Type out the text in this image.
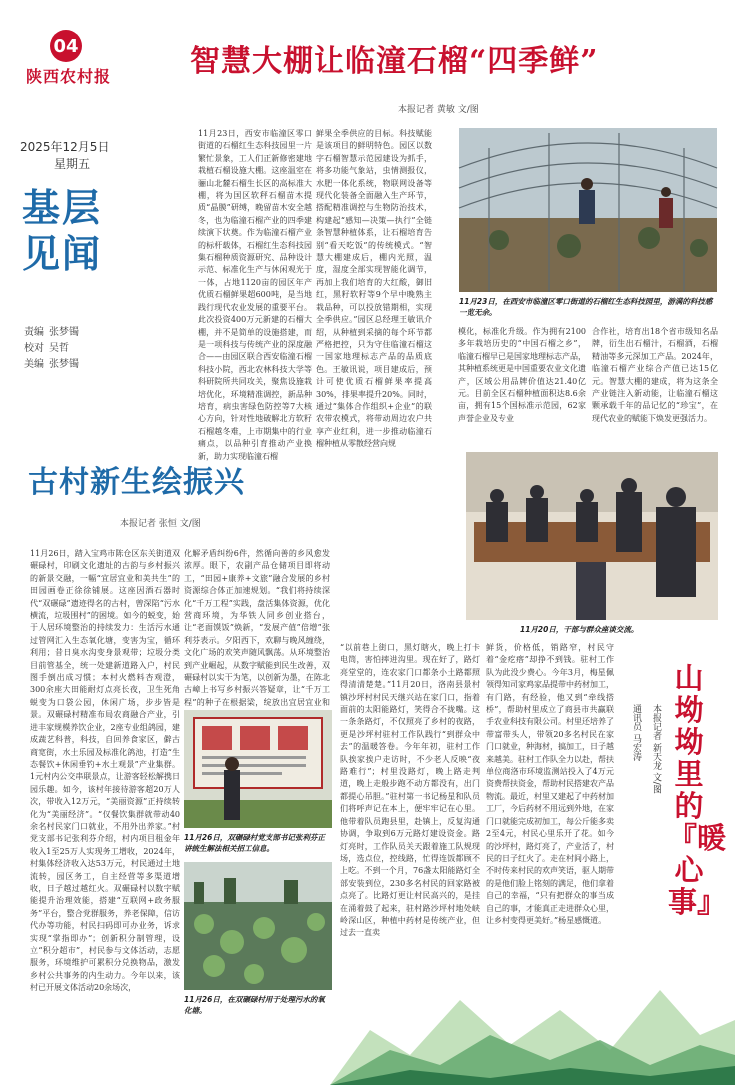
04
陕西农村报
2025年12月5日
星期五
基层
见闻
责编 张梦镯
校对 吴哲
美编 张梦镯
智慧大棚让临潼石榴“四季鲜”
本报记者 黄敏 文/图
11月23日，西安市临潼区零口街道的石榴红生态科技园里一片繁忙景象，工人们正新修密建地栽植石榴设施大棚。这座温室在骊山北麓石榴生长区的高标准大棚，将为国区软秤石榴苗木提质“晶膜”研缚，晚留苗木安全越冬，也为临潼石榴产业的四季建续演下状奠。作为临潼石榴产业的标杆载体，石榴红生态科技园集石榴种质资源研究、品种设计示范、标准化生产与休闲观光于一体，占地1120亩的园区年产优质石榴鲜果超600吨，是当地践行现代农业发展的重要平台。此次投资400万元新建的石榴大棚，并不是简单的设施搭建，而是一项科技与传统产业的深度融合——由园区联合西安临潼石榴科技小院，西北农林科技大学等科研院所共同攻关，聚焦设施栽培优化，环境精准调控，新品种培育，病虫害绿色防控等7大核心方向，针对性地破解北方软籽石榴越冬难，上市期集中的行业痛点，以品种引育推动产业换新，助力实现临潼石榴
鲜果全季供应的目标。科技赋能是该项目的鲜明特色。园区以数字石榴智慧示范园建设为抓手，将多功能气象站，虫情测报仪，水肥一体化系统，物联网设备等现代化装备全面融入生产环节，搭配精准调控与生物防治技术，构建起“感知—决策—执行”全链条智慧种植体系，让石榴培育告别“看天吃饭”的传统模式。“智慧大棚建成后，棚内光照，温度，湿度全部实现智能化调节，再加上我们培育的大红酸，御旧红，黑籽软籽等9个早中晚熟主栽品种，可以投放错期相，实现全季供应。”园区总经理王敏讯介绍，从种植到采摘的每个环节都严格把控，只为守住临潼石榴这一国家地理标志产品的品质底色。王敏讯说，项目建成后，预计可使优质石榴鲜果率提高30%，排果率提升20%。同时，通过“集体合作组织+企业”的联农带农模式，将带动周边农户共享产业红利，进一步推动临潼石榴种植从零散经营向规
11月23日，在西安市临潼区零口街道的石榴红生态科技园里，游满的科技感一览无余。
模化，标准化升级。作为拥有2100多年栽培历史的“中国石榴之乡”，临潼石榴早已是国家地理标志产品，其种植系统更是中国重要农业文化遗产，区域公用品牌价值达21.40亿元。目前全区石榴种植面积达8.6余亩，拥有15个国标准示范园，62家声誉企业及专业
合作社，培育出18个省市级知名品牌，衍生出石榴汁，石榴酒，石榴精油等多元深加工产品。2024年，临潼石榴产业综合产值已达15亿元。智慧大棚的建成，将为这条全产业链注入新动能，让临潼石榴这颗承载千年的品记忆的“珍宝”，在现代农业的赋能下焕发更强活力。
古村新生绘振兴
本报记者 张恒 文/图
11月20日，干部与群众座谈交流。
11月26日，踏入宝鸡市陈仓区东关街道双碾碌村，印刷文化遗址的古韵与乡村振兴的新景交融，一幅“宜居宜业和美共生”的田园画卷正徐徐铺展。这座因酒石器时代“双碾碌”遗迹得名的古村，曾深陷“污水横流，垃圾围村”的困境。如今的蜕变，始于人居环境整治的持续发力：生活污水通过管网汇入生态氧化塘，变害为宝，循环利用；昔日臭水沟变身景观带；垃圾分类目前管基全，统一处建新道路入户，村民图手倒出成习惯；本村火燃料杏观澄，300余座大田能耐灯点亮长夜，卫生死角蜕变为口袋公园，休闲广场，步步皆是景。双碾碌村精准布局农商融合产业，引进丰家规模养饮企业，2座专业组鸽园，建成蔬艺科普，科技，自回养食家区，僻古商宽街，水土乐园及标准化鸽池，打造“生态餐饮+休闲垂钓+水土观景”产业集群。1元村内公交串联景点，让游客轻松解携日园乐趣。如今，该村年接待游客超20万人次，带收入12万元，“美丽资源”正持续转化为“美丽经济”。“仅餐饮集群就带动40余名村民家门口就业，不用外出养家。”村党支部书记张利芬介绍，村内项目租金年收入1至25万人实现务工增收，2024年，村集体经济收入达53万元，村民通过土地流转，园区务工，自主经营等多渠道增收，日子越过越红火。双碾碌村以数字赋能提升治理效能，搭建“互联网+政务服务”平台，整合党群服务，养老保障，信访代办等功能，村民扫码即可办业务，诉求实现“掌指即办”；创新积分制管理，设立“积分超市”，村民参与文体活动，志愿服务，环境维护可累积分兑换物品，激发乡村公共事务的内生动力。今年以来，该村已开展文体活动20余场次，
化解矛盾纠纷6件，然循向善的乡风愈发浓厚。眼下，农副产品仓储项目即将动工，“田园+康养+文旅”融合发展的乡村资源综合体正加速规划。“我们将持续深化“千万工程”实践，盘活集体资源，优化营商环境，为华铁人同乡创业搭台，让“老面馍饭”焕新，“发展产值”倍增”张利芬表示。夕阳西下，欢聊与晚风缠绕，文化广场的欢笑声随风飘荡。从环境整治到产业崛起，从数字赋能到民生改善，双碾碌村以实干为笔，以创新为墨，在陈北古嶂上书写乡村振兴答疑章，让“千万工程”的种子在根据梁，绽放出宜居宜业和
11月26日，双碾碌村党支部书记张利芬正讲统生解法相关招工信息。
11月26日，在双碾碌村用于处理污水的氧化塘。
“以前巷上街口，黑灯瞎火，晚上打卡电筒，害怕摔进沟里。现在好了，路灯亮堂堂的，连农家门口都条小土路都照得清清楚楚。”11月20日，洛南县景村镇沙坪村村民天继兴站在家门口，指着面前的太阳能路灯，笑得合不拢嘴。这一条条路灯，不仅照亮了乡村的夜路，更是沙坪村驻村工作队践行“到群众中去”的温暖答卷。今年年初，驻村工作队挨家挨户走访时，不少老人反映“夜路难行”；村里没路灯，晚上路走判道，晚上走般步跑不动方都没有，出门都提心吊胆。”驻村第一书记杨星和队员们将呼声记在本上，便牢牢记在心里。他带着队员跑县里，赴镇上，反复沟通协调，争取到6万元路灯建设资金。路灯亮时，工作队员关天跟着施工队规现场，选点位，控线路，忙得连饭都顾不上吃。不到一个月，76盏太阳能路灯全部安装到位，230多名村民的回家路被点亮了。比路灯更让村民高兴的，是挂在涌着鼓了起来，驻村路沙坪村地处峡岭深山区，种植中药材是传统产业，但过去一直卖
鲜货，价格低，销路窄，村民守着“金疙瘩”却挣不到钱。驻村工作队为此没少费心。今年3月，梅星佩领得知司家鸡家品提带中药材加工，有门路，有经验，他又到“牵线搭桥”，帮助村里成立了商县市共赢联手农业科技有限公司。村里还培养了带富带头人，带领20多名村民在家门口就业，种海材，搞加工，日子越来越美。驻村工作队全力以赴，帮扶单位商洛市环境监测站投入了4万元资费帮扶资金，帮助村民搭建农产品物流。最近，村里又建起了中药材加工厂，今后药材不用远到外地，在家门口就能完成初加工，每公斤能多卖2至4元，村民心里乐开了花。如今的沙坪村，路灯亮了，产业活了，村民的日子红火了。走在村间小路上，不时传来村民的欢声笑语，驱人期带的是他们脸上铭刻的满足，他们拿着自己的幸福，“只有把群众的事当成自己的事，才能真正走进群众心里，让乡村变得更美好。”杨星感慨道。
山坳坳里的『暖心事』
通讯员 马宏涛 本报记者 新天龙 文/图
